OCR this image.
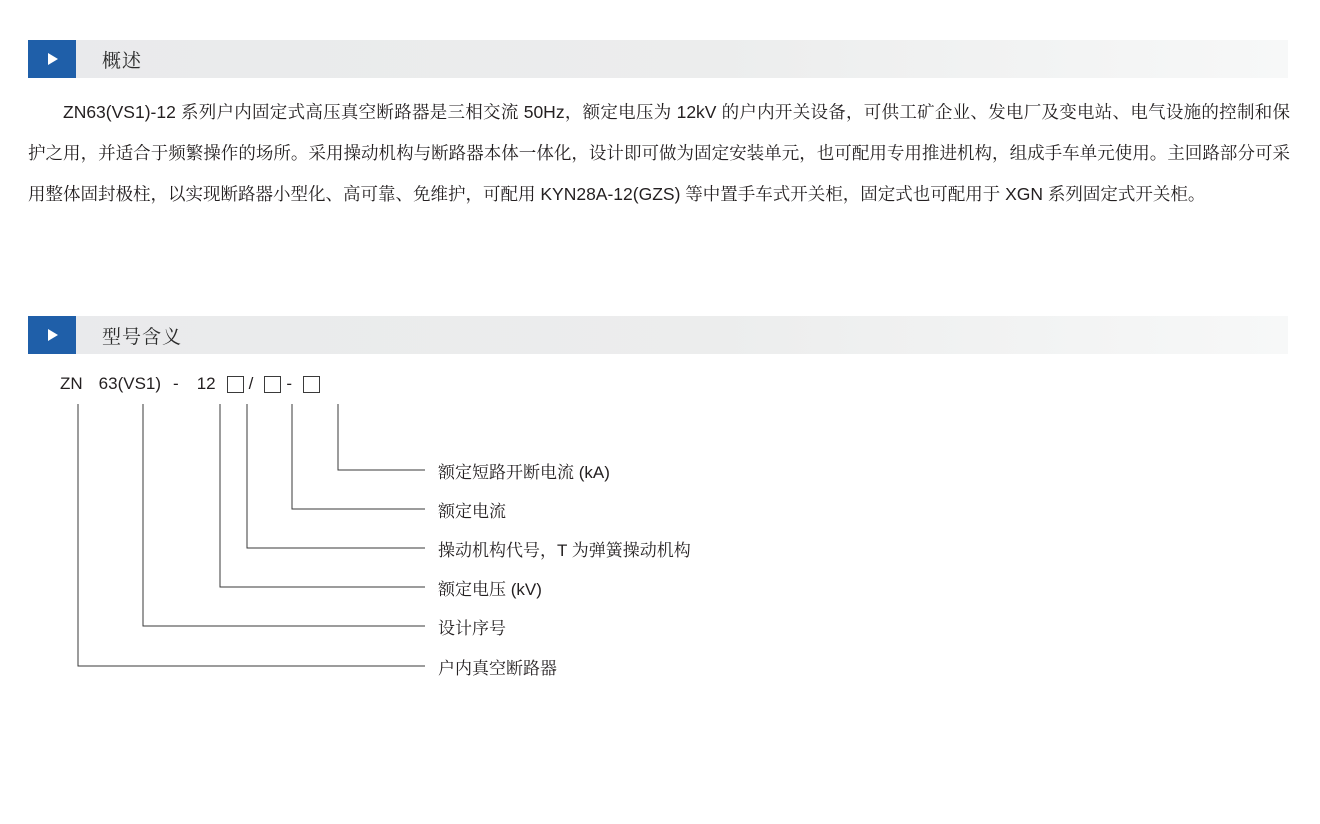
概述
ZN63(VS1)-12 系列户内固定式高压真空断路器是三相交流 50Hz，额定电压为 12kV 的户内开关设备，可供工矿企业、发电厂及变电站、电气设施的控制和保护之用，并适合于频繁操作的场所。采用操动机构与断路器本体一体化，设计即可做为固定安装单元，也可配用专用推进机构，组成手车单元使用。主回路部分可采用整体固封极柱，以实现断路器小型化、高可靠、免维护，可配用 KYN28A-12(GZS) 等中置手车式开关柜，固定式也可配用于 XGN 系列固定式开关柜。
型号含义
ZN 63(VS1) - 12 / -
额定短路开断电流 (kA)
额定电流
操动机构代号，T 为弹簧操动机构
额定电压 (kV)
设计序号
户内真空断路器
